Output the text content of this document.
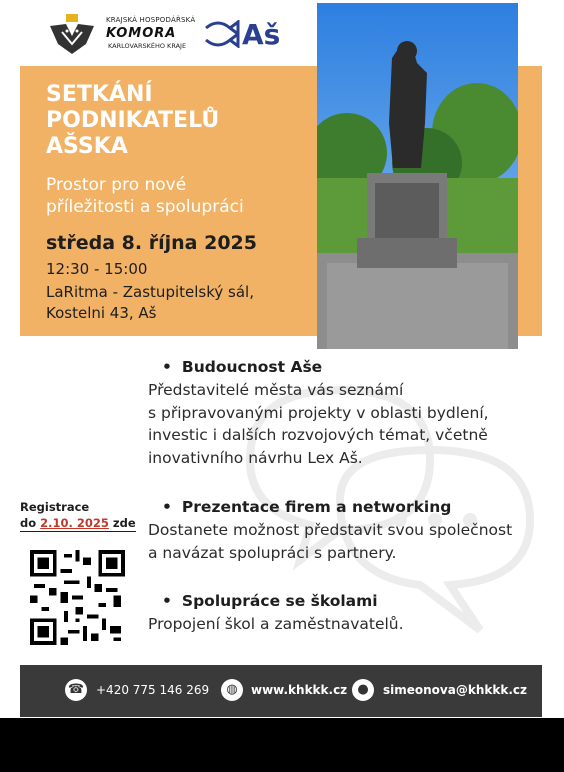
KRAJSKÁ HOSPODÁŘSKÁ
KOMORA
KARLOVARSKÉHO KRAJE Aš
SETKÁNÍ
PODNIKATELŮ
AŠSKA
Prostor pro nové
příležitosti a spolupráci
středa 8. října 2025
12:30 - 15:00
LaRitma - Zastupitelský sál,
Kostelni 43, Aš
• Budoucnost Aše
Představitelé města vás seznámí
s připravovanými projekty v oblasti bydlení,
investic i dalších rozvojových témat, včetně
inovativního návrhu Lex Aš.
• Prezentace firem a networking
Dostanete možnost představit svou společnost
a navázat spolupráci s partnery.
• Spolupráce se školami
Propojení škol a zaměstnavatelů.
Registrace
do 2.10. 2025 zde
☎ +420 775 146 269	◍	www.khkkk.cz ●	simeonova@khkkk.cz
